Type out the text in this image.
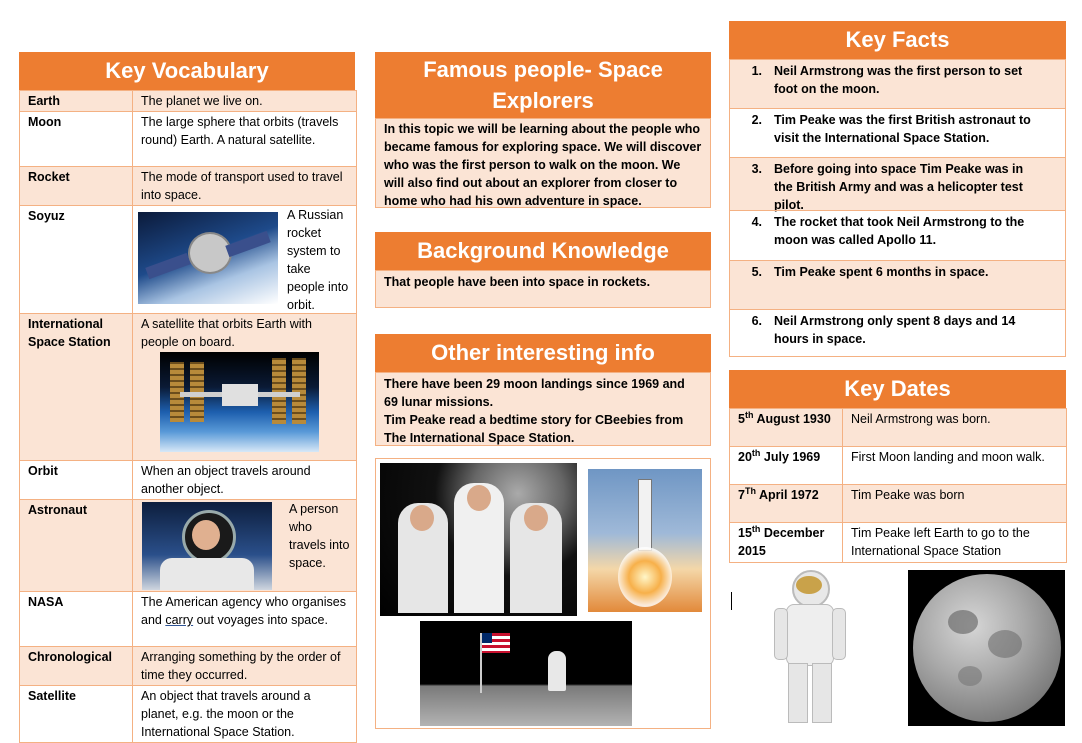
Key Vocabulary
Earth	The planet we live on.
Moon	The large sphere that orbits (travels round) Earth. A natural satellite.
Rocket	The mode of transport used to travel into space.
Soyuz	A Russian rocket system to take people into orbit.

International Space Station	A satellite that orbits Earth with people on board.

Orbit	When an object travels around another object.
Astronaut	A person who travels into space.

NASA	The American agency who organises and carry out voyages into space.
Chronological	Arranging something by the order of time they occurred.
Satellite	An object that travels around a planet, e.g. the moon or the International Space Station.
Famous people- Space Explorers
In this topic we will be learning about the people who became famous for exploring space. We will discover who was the first person to walk on the moon. We will also find out about an explorer from closer to home who had his own adventure in space.
Background Knowledge
That people have been into space in rockets.
Other interesting info
There have been 29 moon landings since 1969 and 69 lunar missions.
Tim Peake read a bedtime story for CBeebies from The International Space Station.
Key Facts
1. Neil Armstrong was the first person to set foot on the moon.
2. Tim Peake was the first British astronaut to visit the International Space Station.
3. Before going into space Tim Peake was in the British Army and was a helicopter test pilot.
4. The rocket that took Neil Armstrong to the moon was called Apollo 11.
5. Tim Peake spent 6 months in space.
6. Neil Armstrong only spent 8 days and 14 hours in space.
Key Dates
5th August 1930	Neil Armstrong was born.
20th July 1969	First Moon landing and moon walk.
7Th April 1972	Tim Peake was born
15th December 2015	Tim Peake left Earth to go to the International Space Station
